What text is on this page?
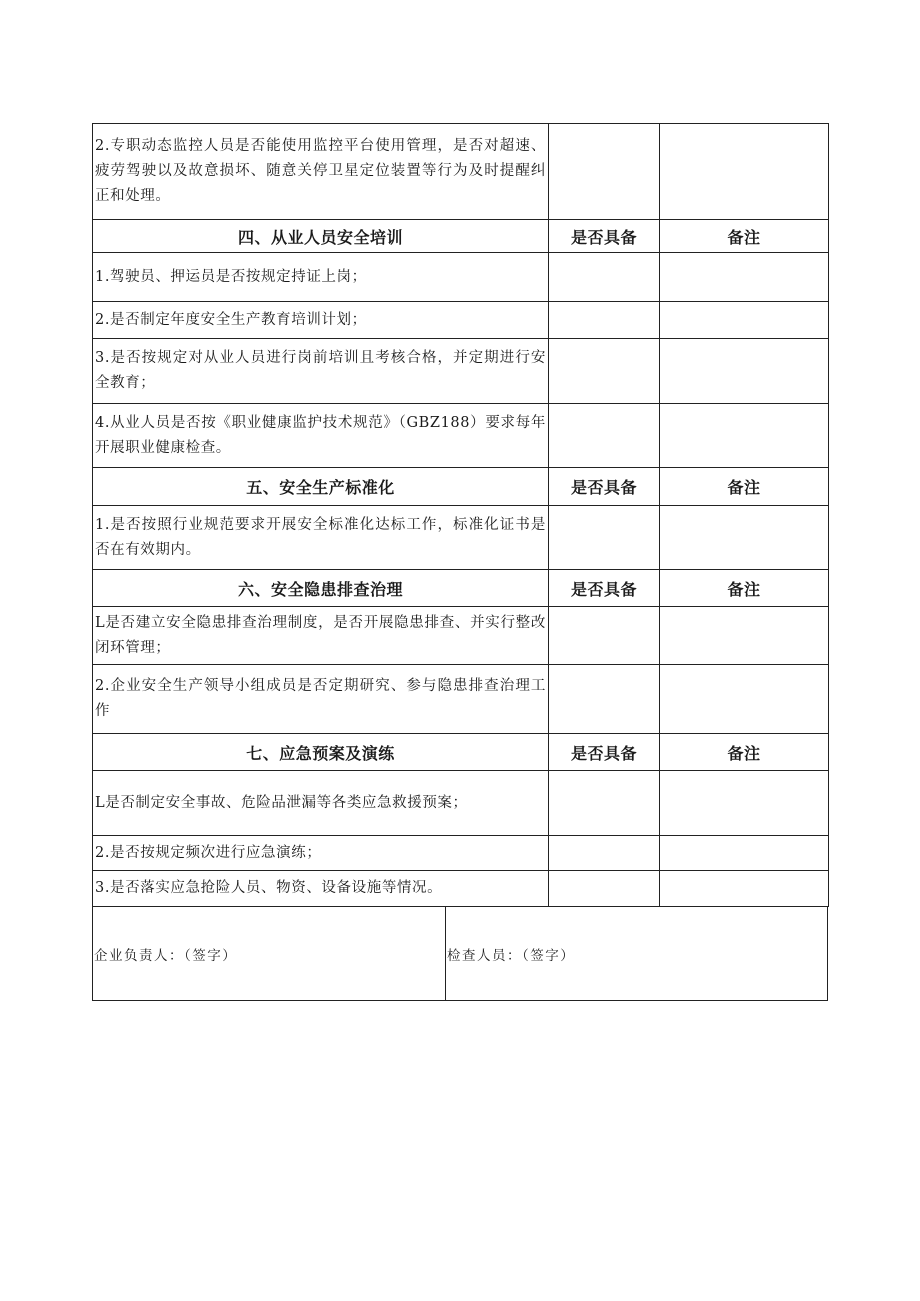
2.专职动态监控人员是否能使用监控平台使用管理，是否对超速、疲劳驾驶以及故意损坏、随意关停卫星定位装置等行为及时提醒纠正和处理。		
四、从业人员安全培训	是否具备	备注
1.驾驶员、押运员是否按规定持证上岗；		
2.是否制定年度安全生产教育培训计划；		
3.是否按规定对从业人员进行岗前培训且考核合格，并定期进行安全教育；		
4.从业人员是否按《职业健康监护技术规范》（GBZ188）要求每年开展职业健康检查。		
五、安全生产标准化	是否具备	备注
1.是否按照行业规范要求开展安全标准化达标工作，标准化证书是否在有效期内。		
六、安全隐患排查治理	是否具备	备注
L是否建立安全隐患排查治理制度，是否开展隐患排查、并实行整改闭环管理；		
2.企业安全生产领导小组成员是否定期研究、参与隐患排查治理工作		
七、应急预案及演练	是否具备	备注
L是否制定安全事故、危险品泄漏等各类应急救援预案；		
2.是否按规定频次进行应急演练；		
3.是否落实应急抢险人员、物资、设备设施等情况。		
企业负责人：（签字）	检查人员：（签字）
